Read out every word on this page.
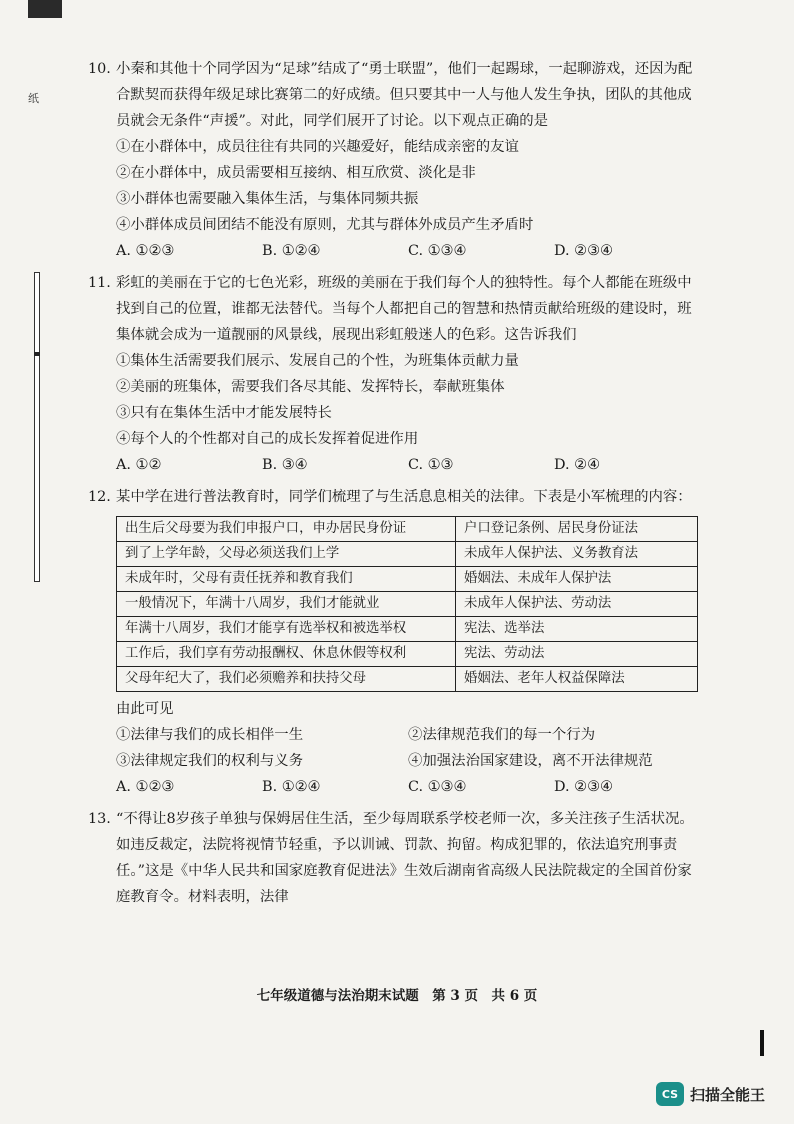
纸
10. 小秦和其他十个同学因为“足球”结成了“勇士联盟”，他们一起踢球，一起聊游戏，还因为配合默契而获得年级足球比赛第二的好成绩。但只要其中一人与他人发生争执，团队的其他成员就会无条件“声援”。对此，同学们展开了讨论。以下观点正确的是
①在小群体中，成员往往有共同的兴趣爱好，能结成亲密的友谊
②在小群体中，成员需要相互接纳、相互欣赏、淡化是非
③小群体也需要融入集体生活，与集体同频共振
④小群体成员间团结不能没有原则，尤其与群体外成员产生矛盾时
A. ①②③	B. ①②④	C. ①③④	D. ②③④
11. 彩虹的美丽在于它的七色光彩，班级的美丽在于我们每个人的独特性。每个人都能在班级中找到自己的位置，谁都无法替代。当每个人都把自己的智慧和热情贡献给班级的建设时，班集体就会成为一道靓丽的风景线，展现出彩虹般迷人的色彩。这告诉我们
①集体生活需要我们展示、发展自己的个性，为班集体贡献力量
②美丽的班集体，需要我们各尽其能、发挥特长，奉献班集体
③只有在集体生活中才能发展特长
④每个人的个性都对自己的成长发挥着促进作用
A. ①②	B. ③④	C. ①③	D. ②④
12. 某中学在进行普法教育时，同学们梳理了与生活息息相关的法律。下表是小军梳理的内容：
出生后父母要为我们申报户口，申办居民身份证	户口登记条例、居民身份证法
到了上学年龄，父母必须送我们上学	未成年人保护法、义务教育法
未成年时，父母有责任抚养和教育我们	婚姻法、未成年人保护法
一般情况下，年满十八周岁，我们才能就业	未成年人保护法、劳动法
年满十八周岁，我们才能享有选举权和被选举权	宪法、选举法
工作后，我们享有劳动报酬权、休息休假等权利	宪法、劳动法
父母年纪大了，我们必须赡养和扶持父母	婚姻法、老年人权益保障法
由此可见
①法律与我们的成长相伴一生	②法律规范我们的每一个行为
③法律规定我们的权利与义务	④加强法治国家建设，离不开法律规范
A. ①②③	B. ①②④	C. ①③④	D. ②③④
13. “不得让8岁孩子单独与保姆居住生活，至少每周联系学校老师一次，多关注孩子生活状况。如违反裁定，法院将视情节轻重，予以训诫、罚款、拘留。构成犯罪的，依法追究刑事责任。”这是《中华人民共和国家庭教育促进法》生效后湖南省高级人民法院裁定的全国首份家庭教育令。材料表明，法律
七年级道德与法治期末试题　第 3 页　共 6 页
CS 扫描全能王
